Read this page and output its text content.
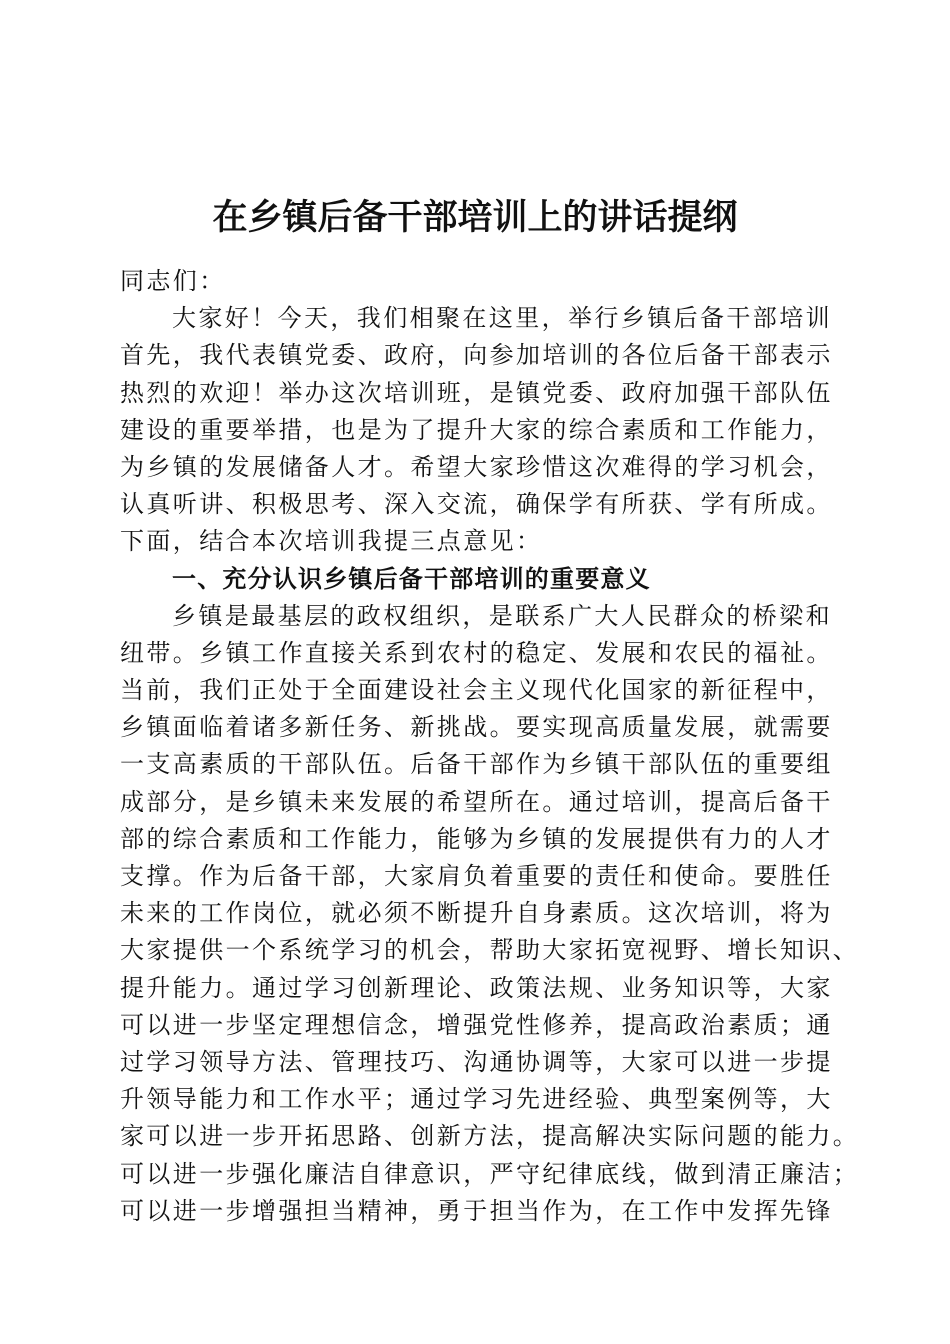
在乡镇后备干部培训上的讲话提纲
同志们：
大家好！今天，我们相聚在这里，举行乡镇后备干部培训
首先，我代表镇党委、政府，向参加培训的各位后备干部表示
热烈的欢迎！举办这次培训班，是镇党委、政府加强干部队伍
建设的重要举措，也是为了提升大家的综合素质和工作能力，
为乡镇的发展储备人才。希望大家珍惜这次难得的学习机会，
认真听讲、积极思考、深入交流，确保学有所获、学有所成。
下面，结合本次培训我提三点意见：
一、充分认识乡镇后备干部培训的重要意义
乡镇是最基层的政权组织，是联系广大人民群众的桥梁和
纽带。乡镇工作直接关系到农村的稳定、发展和农民的福祉。
当前，我们正处于全面建设社会主义现代化国家的新征程中，
乡镇面临着诸多新任务、新挑战。要实现高质量发展，就需要
一支高素质的干部队伍。后备干部作为乡镇干部队伍的重要组
成部分，是乡镇未来发展的希望所在。通过培训，提高后备干
部的综合素质和工作能力，能够为乡镇的发展提供有力的人才
支撑。作为后备干部，大家肩负着重要的责任和使命。要胜任
未来的工作岗位，就必须不断提升自身素质。这次培训，将为
大家提供一个系统学习的机会，帮助大家拓宽视野、增长知识、
提升能力。通过学习创新理论、政策法规、业务知识等，大家
可以进一步坚定理想信念，增强党性修养，提高政治素质；通
过学习领导方法、管理技巧、沟通协调等，大家可以进一步提
升领导能力和工作水平；通过学习先进经验、典型案例等，大
家可以进一步开拓思路、创新方法，提高解决实际问题的能力。
可以进一步强化廉洁自律意识，严守纪律底线，做到清正廉洁；
可以进一步增强担当精神，勇于担当作为，在工作中发挥先锋
